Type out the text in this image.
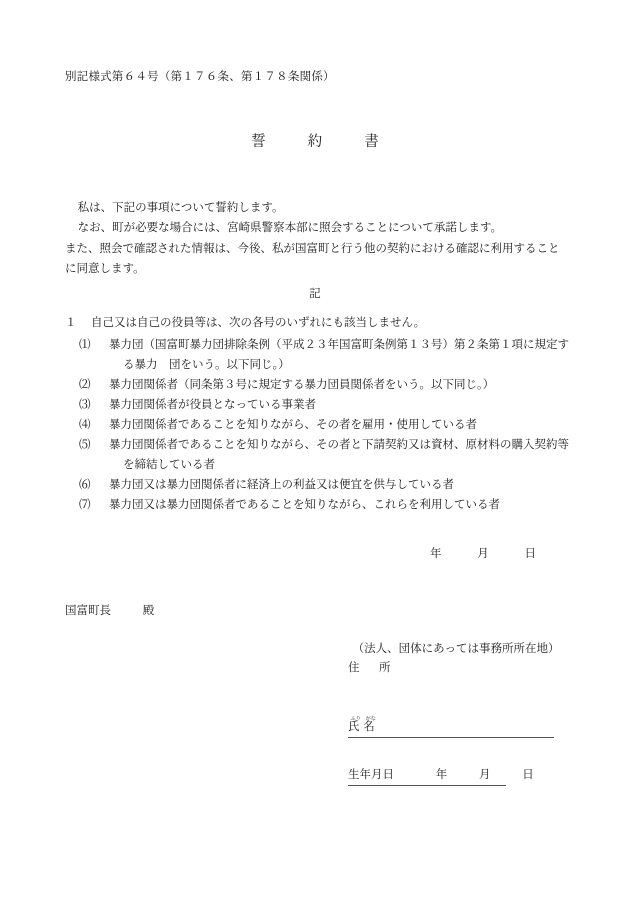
別記様式第６４号（第１７６条、第１７８条関係）
誓　約　書
私は、下記の事項について誓約します。
なお、町が必要な場合には、宮崎県警察本部に照会することについて承諾します。
また、照会で確認された情報は、今後、私が国富町と行う他の契約における確認に利用することに同意します。
記
１	自己又は自己の役員等は、次の各号のいずれにも該当しません。
⑴	暴力団（国富町暴力団排除条例（平成２３年国富町条例第１３号）第２条第１項に規定す
る暴力　団をいう。以下同じ。）
⑵	暴力団関係者（同条第３号に規定する暴力団員関係者をいう。以下同じ。）
⑶	暴力団関係者が役員となっている事業者
⑷	暴力団関係者であることを知りながら、その者を雇用・使用している者
⑸	暴力団関係者であることを知りながら、その者と下請契約又は資材、原材料の購入契約等
を締結している者
⑹	暴力団又は暴力団関係者に経済上の利益又は便宜を供与している者
⑺	暴力団又は暴力団関係者であることを知りながら、これらを利用している者
年	月	日
国富町長	殿
（法人、団体にあっては事務所所在地）
住　所
氏ふり名がな
生年月日	年	月	日
